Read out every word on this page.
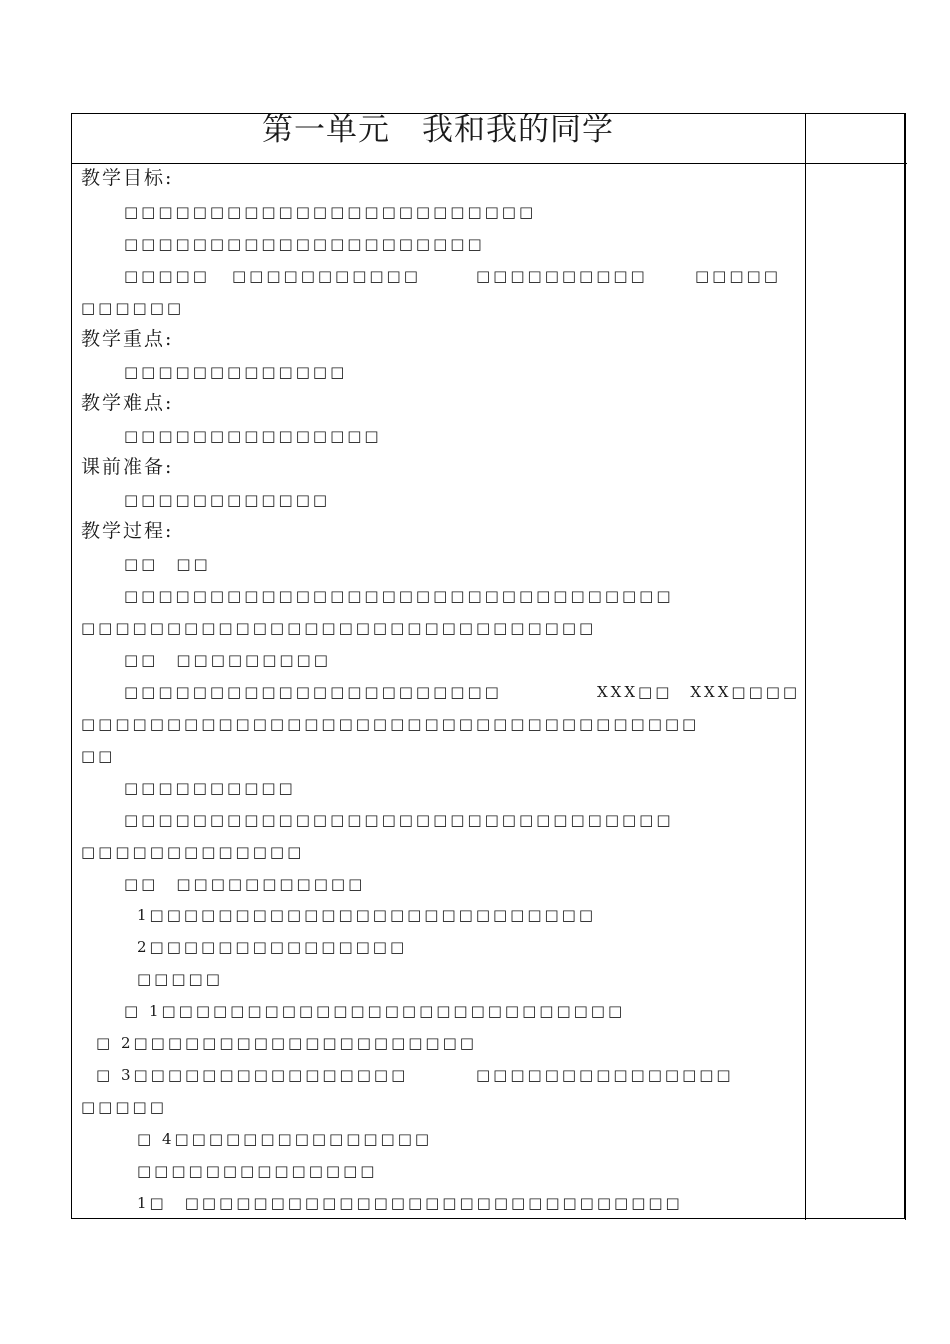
第一单元　我和我的同学
教学目标:
□□□□□□□□□□□□□□□□□□□□□□□□
□□□□□□□□□□□□□□□□□□□□□
□□□□□ □□□□□□□□□□□	□□□□□□□□□□	□□□□□
□□□□□□
教学重点:
□□□□□□□□□□□□□
教学难点:
□□□□□□□□□□□□□□□
课前准备:
□□□□□□□□□□□□
教学过程:
□□　□□
□□□□□□□□□□□□□□□□□□□□□□□□□□□□□□□□
□□□□□□□□□□□□□□□□□□□□□□□□□□□□□□
□□　□□□□□□□□□
□□□□□□□□□□□□□□□□□□□□□□	XXX□□　XXX□□□□
□□□□□□□□□□□□□□□□□□□□□□□□□□□□□□□□□□□□
□□
□□□□□□□□□□
□□□□□□□□□□□□□□□□□□□□□□□□□□□□□□□□
□□□□□□□□□□□□□
□□　□□□□□□□□□□□
1□□□□□□□□□□□□□□□□□□□□□□□□□□
2□□□□□□□□□□□□□□□
□□□□□
□ 1□□□□□□□□□□□□□□□□□□□□□□□□□□□
□ 2□□□□□□□□□□□□□□□□□□□□
□ 3□□□□□□□□□□□□□□□□	□□□□□□□□□□□□□□□
□□□□□
□ 4□□□□□□□□□□□□□□□
□□□□□□□□□□□□□□
1□　□□□□□□□□□□□□□□□□□□□□□□□□□□□□□
